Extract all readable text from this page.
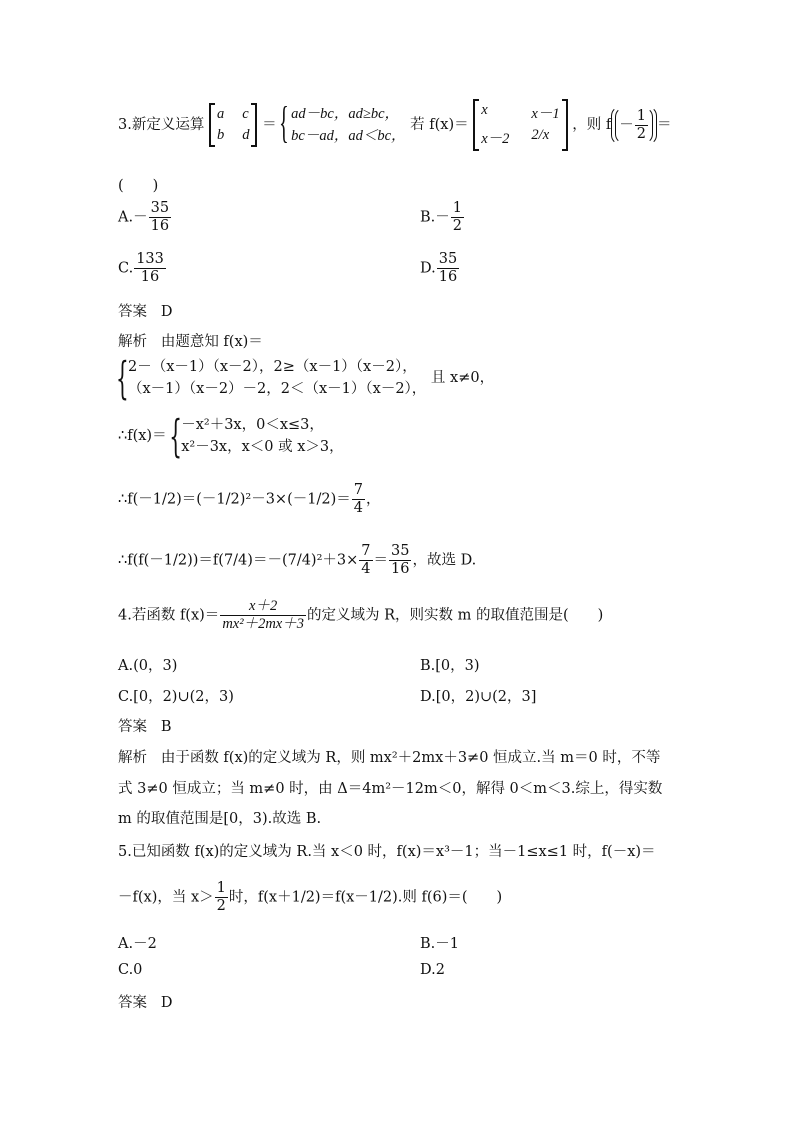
3.新定义运算
a c
b d
＝
{ ad－bc，ad≥bc，
bc－ad，ad＜bc，
若 f(x)＝
x	x－1
x－2 2/x
，则 $f - \frac{1}{2}$ ＝
(　　)
$A.- \frac{35}{16}$	$B.- \frac{1}{2}$
C. $\frac{133}{16}$	D. $\frac{35}{16}$
答案 D
解析 由题意知 f(x)＝
{ 2－（x－1）（x－2），2≥（x－1）（x－2），
（x－1）（x－2）－2，2＜（x－1）（x－2），
且 x≠0，
∴f(x)＝
{ －x²＋3x，0＜x≤3，
x²－3x，x＜0 或 x＞3，
∴f(－1/2)＝(－1/2)²－3×(－1/2)＝ $\frac{7}{4}$ ，
∴f(f(－1/2))＝f(7/4)＝－(7/4)²＋3× $\frac{7}{4} = \frac{35}{16}$ ，故选 D.
4.若函数 $f(x)= \frac{x+2}{\text{mx²＋2mx＋3}}$ 的定义域为 R，则实数 m 的取值范围是(　　)
A.(0，3)	B.[0，3)
C.[0，2)∪(2，3)	D.[0，2)∪(2，3]
答案 B
解析 由于函数 f(x)的定义域为 R，则 mx²＋2mx＋3≠0 恒成立.当 m＝0 时，不等
式 3≠0 恒成立；当 m≠0 时，由 Δ＝4m²－12m＜0，解得 0＜m＜3.综上，得实数
m 的取值范围是[0，3).故选 B.
5.已知函数 f(x)的定义域为 R.当 x＜0 时，f(x)＝x³－1；当－1≤x≤1 时，f(－x)＝
－f(x)，当 $x> \frac{1}{2}$ 时，f(x＋1/2)＝f(x－1/2).则 f(6)＝(　　)
A.－2	B.－1
C.0	D.2
答案 D
